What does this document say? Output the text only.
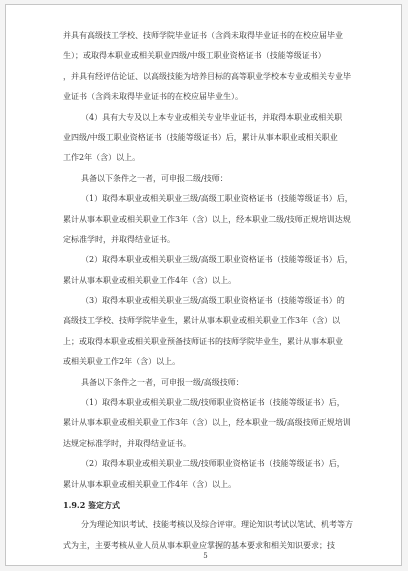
并具有高级技工学校、技师学院毕业证书（含尚未取得毕业证书的在校应届毕业
生）；或取得本职业或相关职业四级/中级工职业资格证书（技能等级证书）
，并具有经评估论证、以高级技能为培养目标的高等职业学校本专业或相关专业毕
业证书（含尚未取得毕业证书的在校应届毕业生）。
（4）具有大专及以上本专业或相关专业毕业证书，并取得本职业或相关职
业四级/中级工职业资格证书（技能等级证书）后，累计从事本职业或相关职业
工作2年（含）以上。
具备以下条件之一者，可申报二级/技师：
（1）取得本职业或相关职业三级/高级工职业资格证书（技能等级证书）后，
累计从事本职业或相关职业工作3年（含）以上，经本职业二级/技师正规培训达规
定标准学时，并取得结业证书。
（2）取得本职业或相关职业三级/高级工职业资格证书（技能等级证书）后，
累计从事本职业或相关职业工作4年（含）以上。
（3）取得本职业或相关职业三级/高级工职业资格证书（技能等级证书）的
高级技工学校、技师学院毕业生，累计从事本职业或相关职业工作3年（含）以
上；或取得本职业或相关职业预备技师证书的技师学院毕业生，累计从事本职业
或相关职业工作2年（含）以上。
具备以下条件之一者，可申报一级/高级技师：
（1）取得本职业或相关职业二级/技师职业资格证书（技能等级证书）后，
累计从事本职业或相关职业工作3年（含）以上，经本职业一级/高级技师正规培训
达规定标准学时，并取得结业证书。
（2）取得本职业或相关职业二级/技师职业资格证书（技能等级证书）后，
累计从事本职业或相关职业工作4年（含）以上。
1.9.2 鉴定方式
分为理论知识考试、技能考核以及综合评审。理论知识考试以笔试、机考等方
式为主，主要考核从业人员从事本职业应掌握的基本要求和相关知识要求；技
5
